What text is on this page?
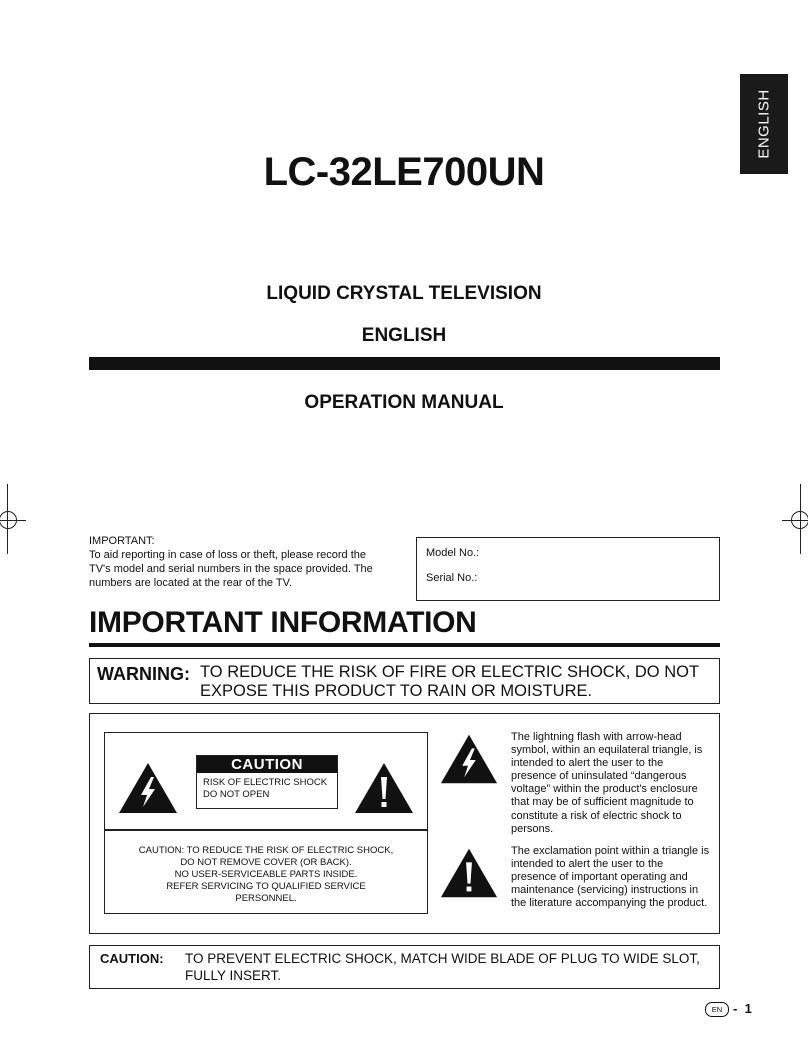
ENGLISH
LC-32LE700UN
LIQUID CRYSTAL TELEVISION
ENGLISH
OPERATION MANUAL
IMPORTANT:
To aid reporting in case of loss or theft, please record the TV's model and serial numbers in the space provided. The numbers are located at the rear of the TV.
Model No.:
Serial No.:
IMPORTANT INFORMATION
WARNING: TO REDUCE THE RISK OF FIRE OR ELECTRIC SHOCK, DO NOT EXPOSE THIS PRODUCT TO RAIN OR MOISTURE.
CAUTION
RISK OF ELECTRIC SHOCK
DO NOT OPEN
CAUTION: TO REDUCE THE RISK OF ELECTRIC SHOCK,
DO NOT REMOVE COVER (OR BACK).
NO USER-SERVICEABLE PARTS INSIDE.
REFER SERVICING TO QUALIFIED SERVICE
PERSONNEL.
The lightning flash with arrow-head symbol, within an equilateral triangle, is intended to alert the user to the presence of uninsulated “dangerous voltage” within the product's enclosure that may be of sufficient magnitude to constitute a risk of electric shock to persons.
The exclamation point within a triangle is intended to alert the user to the presence of important operating and maintenance (servicing) instructions in the literature accompanying the product.
CAUTION: TO PREVENT ELECTRIC SHOCK, MATCH WIDE BLADE OF PLUG TO WIDE SLOT, FULLY INSERT.
EN - 1
